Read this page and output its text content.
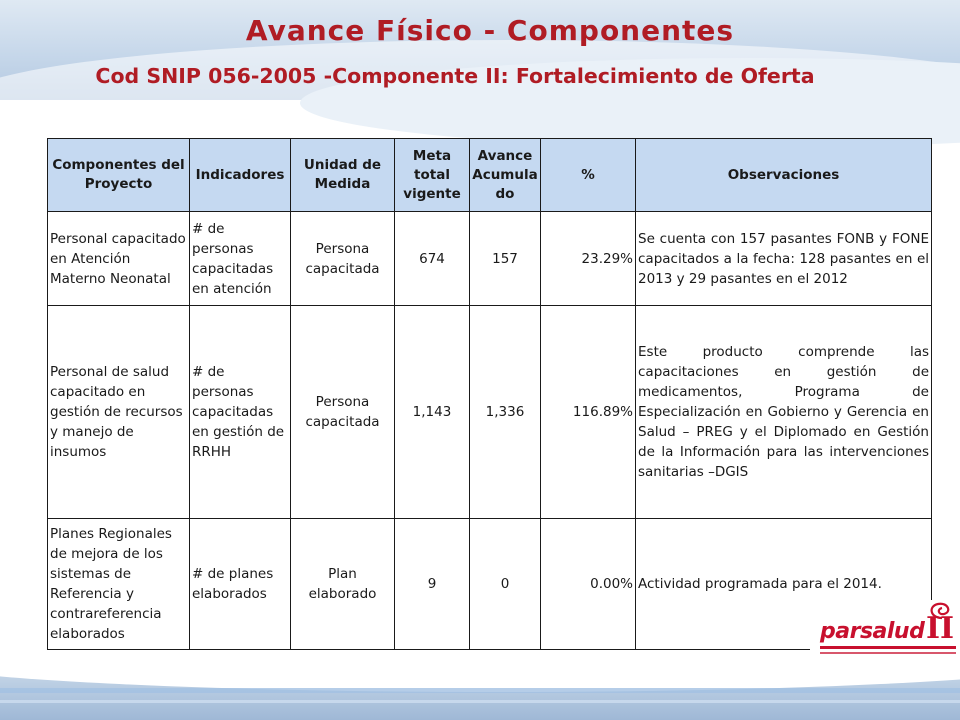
Avance Físico - Componentes
Cod SNIP 056-2005 -Componente II: Fortalecimiento de Oferta
Componentes del Proyecto	Indicadores	Unidad de Medida	Meta total vigente	Avance Acumula do	%	Observaciones
Personal capacitado en Atención Materno Neonatal	# de personas capacitadas en atención	Persona capacitada	674	157	23.29%	Se cuenta con 157 pasantes FONB y FONE capacitados a la fecha: 128 pasantes en el 2013 y 29 pasantes en el 2012
Personal de salud capacitado en gestión de recursos y manejo de insumos	# de personas capacitadas en gestión de RRHH	Persona capacitada	1,143	1,336	116.89%	Este producto comprende las capacitaciones en gestión de medicamentos, Programa de Especialización en Gobierno y Gerencia en Salud – PREG y el Diplomado en Gestión de la Información para las intervenciones sanitarias –DGIS
Planes Regionales de mejora de los sistemas de Referencia y contrareferencia elaborados	# de planes elaborados	Plan elaborado	9	0	0.00%	Actividad programada para el 2014.
parsalud II
